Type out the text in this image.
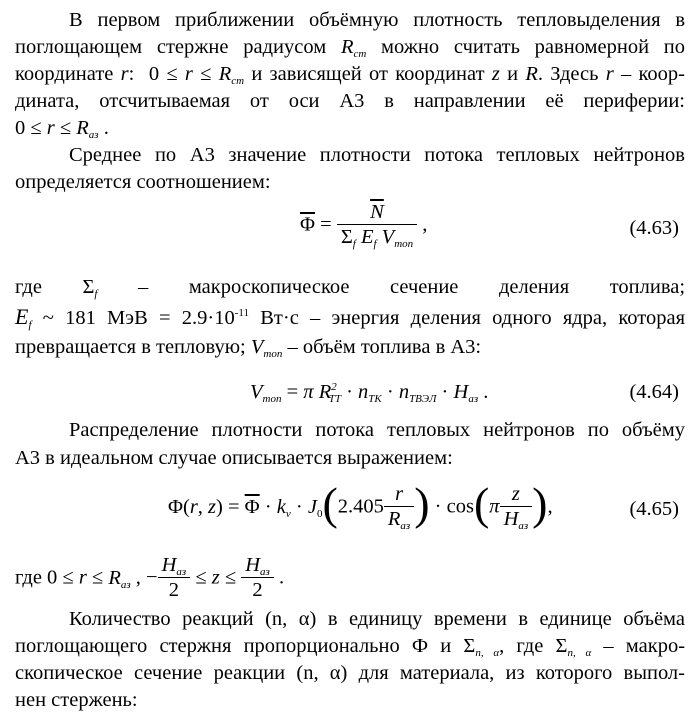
В первом приближении объёмную плотность тепловыделения в
поглощающем стержне радиусом $R_{ст}$ можно считать равномерной по
координате r:  $0 \le r \le R_{ст}$ и зависящей от координат z и R. Здесь r – коор-
дината, отсчитываемая от оси А3 в направлении её периферии:
$0 \le r \le R_{аз}$ .
Среднее по А3 значение плотности потока тепловых нейтронов
определяется соотношением:
$\overline{\Phi} = \frac{\overline{N}}{\Sigma_f E_f V_{топ}}$ ,	(4.63)
где $\Sigma_f$ – макроскопическое сечение деления топлива;
$E_f$ ~ 181 МэВ = $2.9\cdot 10^{-11}$ Вт·с – энергия деления одного ядра, которая
превращается в тепловую; $V_{топ}$ – объём топлива в А3:
$V_{топ} = \pi$ $R^2_{ТТ} \cdot n_{ТК} \cdot n_{ТВЭЛ} \cdot H_{аз}$ .	(4.64)
Распределение плотности потока тепловых нейтронов по объёму
А3 в идеальном случае описывается выражением:
Φ(r, $z) = \overline{\Phi} \cdot k_v \cdot J_0(2.405 \frac{r}{R_{аз}}$ ) · $\cos(\pi \frac{z}{H_{аз}}$ ),	(4.65)
где $0 \le r \le R_{аз}$ , − $\frac{H_{аз}}{2} \le z \le \frac{H_{аз}}{2}$ .
Количество реакций (n, α) в единицу времени в единице объёма
поглощающего стержня пропорционально Ф и $\Sigma_{n, \alpha}$, где $\Sigma_{n, \alpha}$ – макро-
скопическое сечение реакции (n, α) для материала, из которого выпол-
нен стержень:
